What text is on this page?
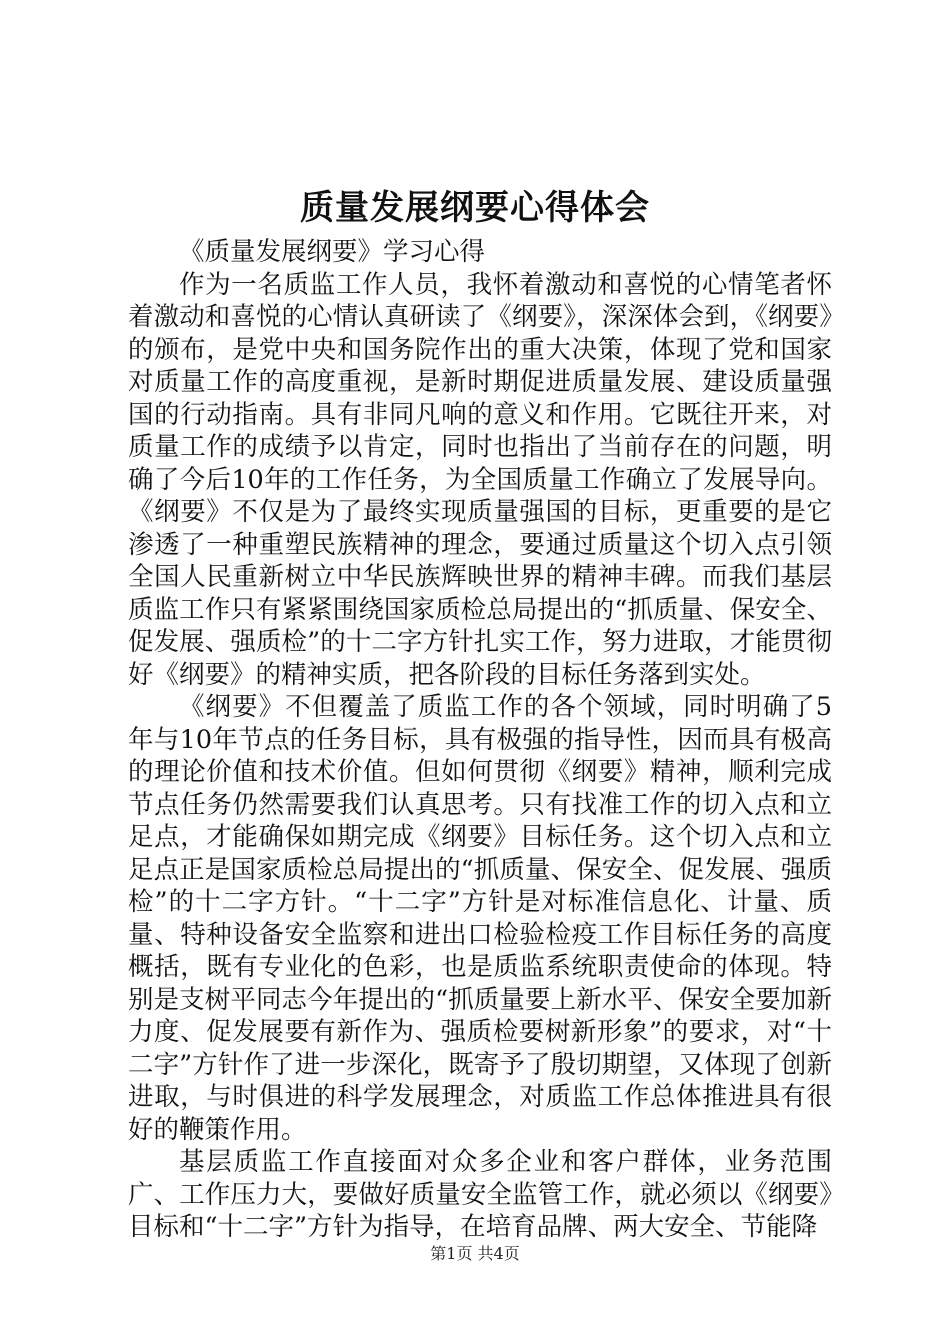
质量发展纲要心得体会

《质量发展纲要》学习心得

作为一名质监工作人员，我怀着激动和喜悦的心情笔者怀着激动和喜悦的心情认真研读了《纲要》，深深体会到，《纲要》的颁布，是党中央和国务院作出的重大决策，体现了党和国家对质量工作的高度重视，是新时期促进质量发展、建设质量强国的行动指南。具有非同凡响的意义和作用。它既往开来，对质量工作的成绩予以肯定，同时也指出了当前存在的问题，明确了今后10年的工作任务，为全国质量工作确立了发展导向。《纲要》不仅是为了最终实现质量强国的目标，更重要的是它渗透了一种重塑民族精神的理念，要通过质量这个切入点引领全国人民重新树立中华民族辉映世界的精神丰碑。而我们基层质监工作只有紧紧围绕国家质检总局提出的“抓质量、保安全、促发展、强质检”的十二字方针扎实工作，努力进取，才能贯彻好《纲要》的精神实质，把各阶段的目标任务落到实处。

《纲要》不但覆盖了质监工作的各个领域，同时明确了5年与10年节点的任务目标，具有极强的指导性，因而具有极高的理论价值和技术价值。但如何贯彻《纲要》精神，顺利完成节点任务仍然需要我们认真思考。只有找准工作的切入点和立足点，才能确保如期完成《纲要》目标任务。这个切入点和立足点正是国家质检总局提出的“抓质量、保安全、促发展、强质检”的十二字方针。“十二字”方针是对标准信息化、计量、质量、特种设备安全监察和进出口检验检疫工作目标任务的高度概括，既有专业化的色彩，也是质监系统职责使命的体现。特别是支树平同志今年提出的“抓质量要上新水平、保安全要加新力度、促发展要有新作为、强质检要树新形象”的要求，对“十二字”方针作了进一步深化，既寄予了殷切期望，又体现了创新进取，与时俱进的科学发展理念，对质监工作总体推进具有很好的鞭策作用。

基层质监工作直接面对众多企业和客户群体，业务范围广、工作压力大，要做好质量安全监管工作，就必须以《纲要》目标和“十二字”方针为指导，在培育品牌、两大安全、节能降

第1页 共4页
